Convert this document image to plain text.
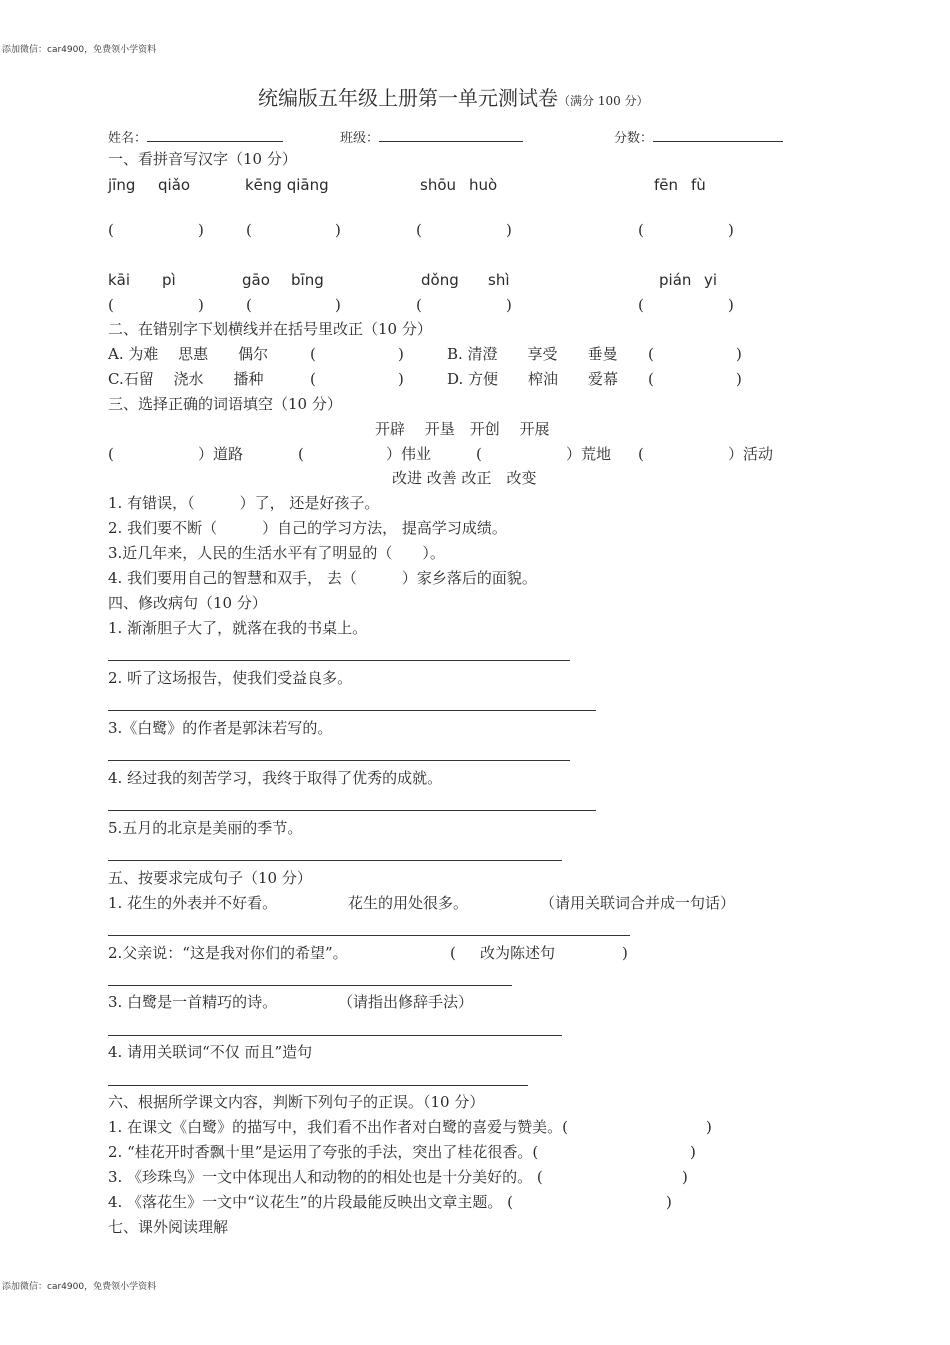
添加微信：car4900，免费领小学资料
添加微信：car4900，免费领小学资料
统编版五年级上册第一单元测试卷（满分 100 分）
姓名：	班级：	分数：
一、看拼音写汉字（10 分）
jīng qiǎo	kēng qiāng	shōu huò	fēn fù
(	)	(	)	(	)	(	)
kāi pì	gāo bīng	dǒng shì	pián yi
(	)	(	)	(	)	(	)
二、在错别字下划横线并在括号里改正（10 分）
A. 为难　 思惠　　偶尔	(	)	B. 清澄　　享受　　垂曼 (	)
C.石留　 浇水　　播种	(	)	D. 方便　　榨油　　爱幕 (	)
三、选择正确的词语填空（10 分）
开辟　 开垦　开创　 开展
(	）道路	(	）伟业	(	）荒地 (	）活动
改进 改善 改正　改变
1. 有错误，（　　　）了， 还是好孩子。
2. 我们要不断（　　　）自己的学习方法， 提高学习成绩。
3.近几年来，人民的生活水平有了明显的（　　）。
4. 我们要用自己的智慧和双手， 去（　　　）家乡落后的面貌。
四、修改病句（10 分）
1. 渐渐胆子大了，就落在我的书桌上。
2. 听了这场报告，使我们受益良多。
3.《白鹭》的作者是郭沫若写的。
4. 经过我的刻苦学习，我终于取得了优秀的成就。
5.五月的北京是美丽的季节。
五、按要求完成句子（10 分）
1. 花生的外表并不好看。	花生的用处很多。	（请用关联词合并成一句话）
2.父亲说：“这是我对你们的希望”。	( 改为陈述句	)
3. 白鹭是一首精巧的诗。	（请指出修辞手法）
4. 请用关联词“不仅 而且”造句
六、根据所学课文内容，判断下列句子的正误。（10 分）
1. 在课文《白鹭》的描写中，我们看不出作者对白鹭的喜爱与赞美。(	)
2. “桂花开时香飘十里”是运用了夸张的手法，突出了桂花很香。(	)
3. 《珍珠鸟》一文中体现出人和动物的的相处也是十分美好的。 (	)
4. 《落花生》一文中“议花生”的片段最能反映出文章主题。 (	)
七、课外阅读理解
